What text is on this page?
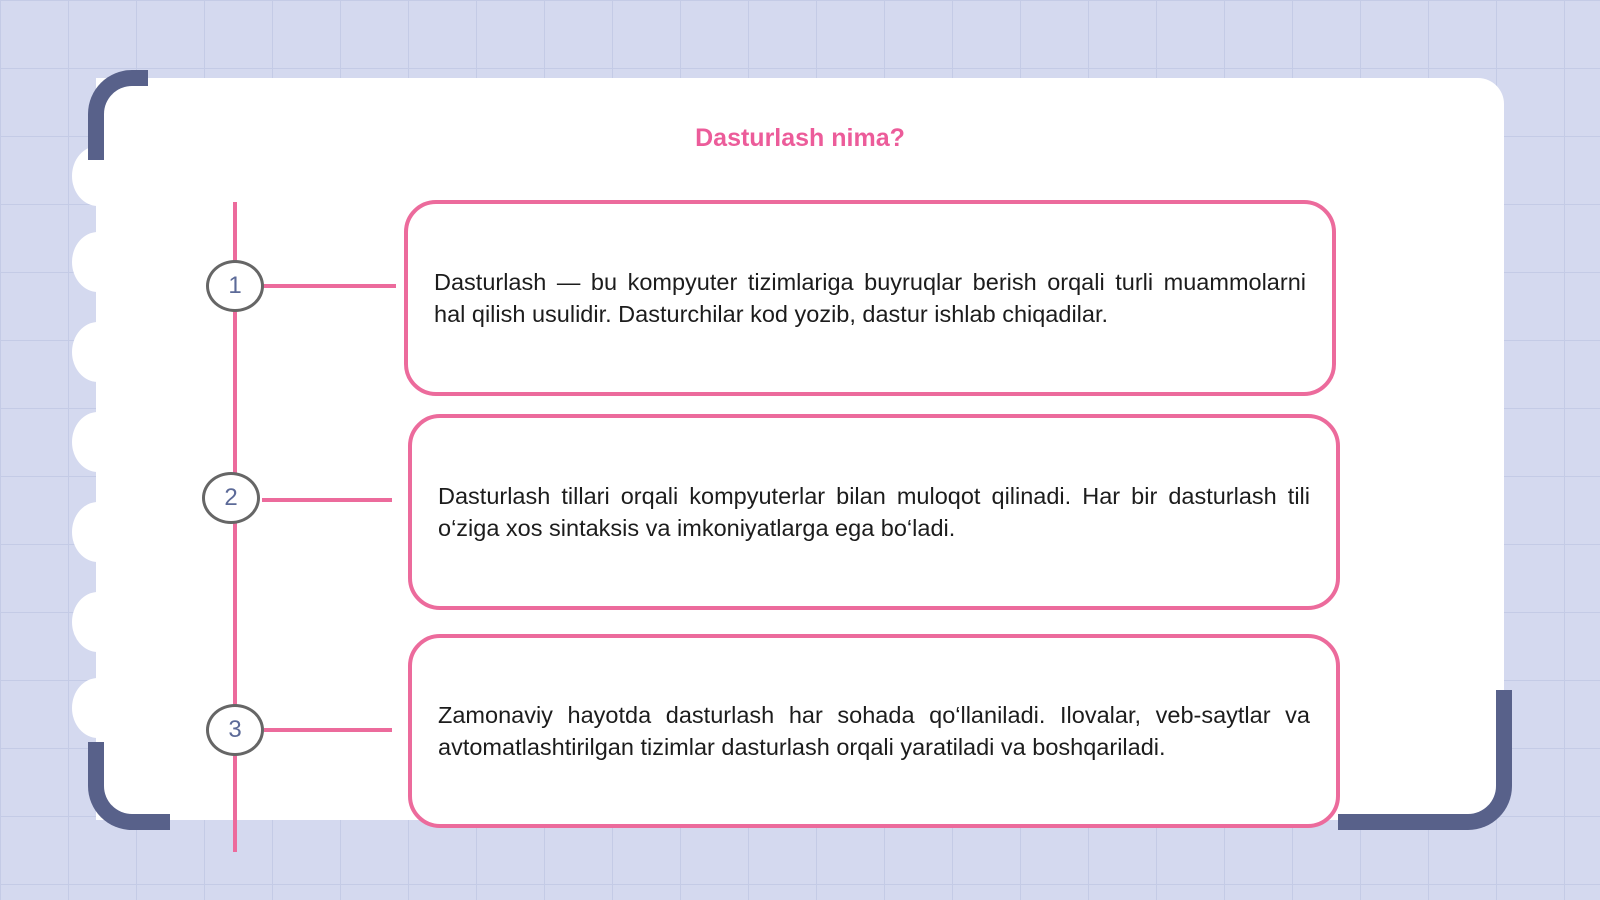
Dasturlash nima?
1
2
3

Dasturlash — bu kompyuter tizimlariga buyruqlar berish orqali turli muammolarni hal qilish usulidir. Dasturchilar kod yozib, dastur ishlab chiqadilar.

Dasturlash tillari orqali kompyuterlar bilan muloqot qilinadi. Har bir dasturlash tili o‘ziga xos sintaksis va imkoniyatlarga ega bo‘ladi.

Zamonaviy hayotda dasturlash har sohada qo‘llaniladi. Ilovalar, veb-saytlar va avtomatlashtirilgan tizimlar dasturlash orqali yaratiladi va boshqariladi.
